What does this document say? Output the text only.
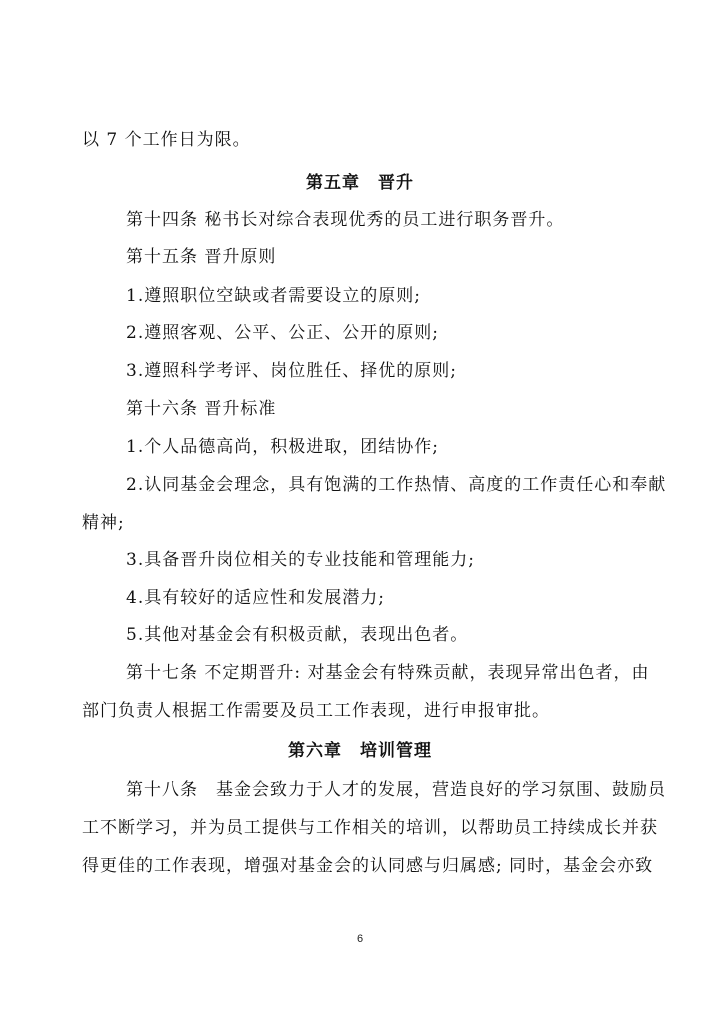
以 7 个工作日为限。
第五章　晋升
第十四条 秘书长对综合表现优秀的员工进行职务晋升。
第十五条 晋升原则
1.遵照职位空缺或者需要设立的原则;
2.遵照客观、公平、公正、公开的原则;
3.遵照科学考评、岗位胜任、择优的原则;
第十六条 晋升标准
1.个人品德高尚，积极进取，团结协作;
2.认同基金会理念，具有饱满的工作热情、高度的工作责任心和奉献
精神;
3.具备晋升岗位相关的专业技能和管理能力;
4.具有较好的适应性和发展潜力;
5.其他对基金会有积极贡献，表现出色者。
第十七条 不定期晋升: 对基金会有特殊贡献，表现异常出色者，由
部门负责人根据工作需要及员工工作表现，进行申报审批。
第六章　培训管理
第十八条　基金会致力于人才的发展，营造良好的学习氛围、鼓励员
工不断学习，并为员工提供与工作相关的培训，以帮助员工持续成长并获
得更佳的工作表现，增强对基金会的认同感与归属感; 同时，基金会亦致
6
